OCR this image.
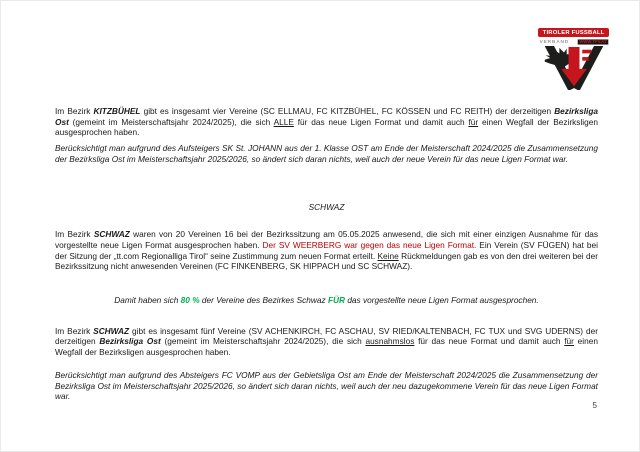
TIROLER FUSSBALL
VERBAND	WWW.TFV.AT

Im Bezirk KITZBÜHEL gibt es insgesamt vier Vereine (SC ELLMAU, FC KITZBÜHEL, FC KÖSSEN und FC REITH) der derzeitigen Bezirksliga Ost (gemeint im Meisterschaftsjahr 2024/2025), die sich ALLE für das neue Ligen Format und damit auch für einen Wegfall der Bezirksligen ausgesprochen haben.

Berücksichtigt man aufgrund des Aufsteigers SK St. JOHANN aus der 1. Klasse OST am Ende der Meisterschaft 2024/2025 die Zusammensetzung der Bezirksliga Ost im Meisterschaftsjahr 2025/2026, so ändert sich daran nichts, weil auch der neue Verein für das neue Ligen Format war.

SCHWAZ

Im Bezirk SCHWAZ waren von 20 Vereinen 16 bei der Bezirkssitzung am 05.05.2025 anwesend, die sich mit einer einzigen Ausnahme für das vorgestellte neue Ligen Format ausgesprochen haben. Der SV WEERBERG war gegen das neue Ligen Format. Ein Verein (SV FÜGEN) hat bei der Sitzung der „tt.com Regionalliga Tirol“ seine Zustimmung zum neuen Format erteilt. Keine Rückmeldungen gab es von den drei weiteren bei der Bezirkssitzung nicht anwesenden Vereinen (FC FINKENBERG, SK HIPPACH und SC SCHWAZ).

Damit haben sich 80 % der Vereine des Bezirkes Schwaz FÜR das vorgestellte neue Ligen Format ausgesprochen.

Im Bezirk SCHWAZ gibt es insgesamt fünf Vereine (SV ACHENKIRCH, FC ASCHAU, SV RIED/KALTENBACH, FC TUX und SVG UDERNS) der derzeitigen Bezirksliga Ost (gemeint im Meisterschaftsjahr 2024/2025), die sich ausnahmslos für das neue Format und damit auch für einen Wegfall der Bezirksligen ausgesprochen haben.

Berücksichtigt man aufgrund des Absteigers FC VOMP aus der Gebietsliga Ost am Ende der Meisterschaft 2024/2025 die Zusammensetzung der Bezirksliga Ost im Meisterschaftsjahr 2025/2026, so ändert sich daran nichts, weil auch der neu dazugekommene Verein für das neue Ligen Format war.

5
